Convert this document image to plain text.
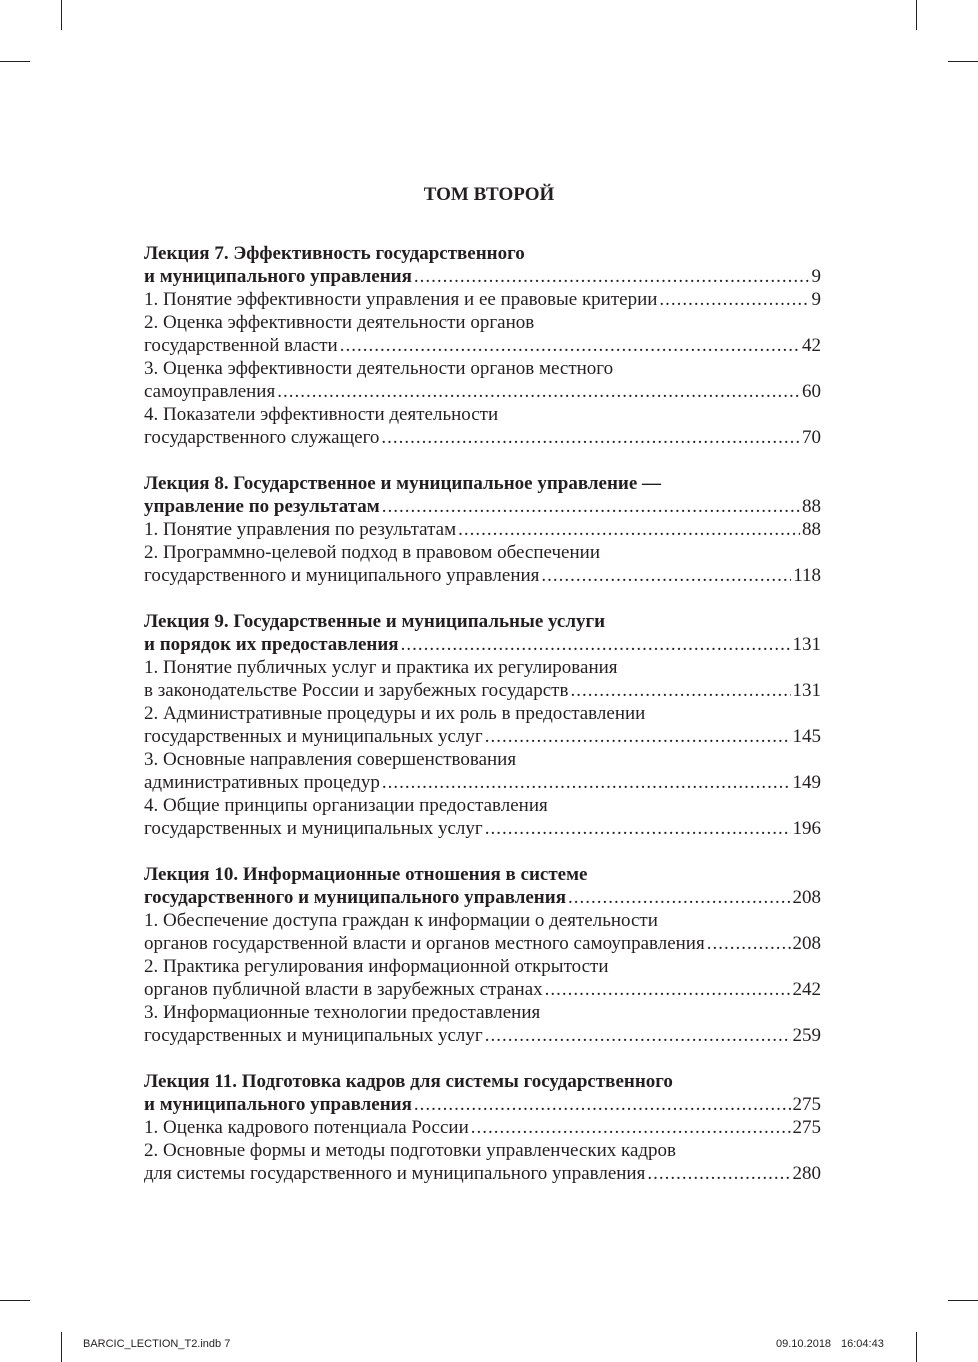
ТОМ ВТОРОЙ
Лекция 7. Эффективность государственного
и муниципального управления .....	9
1. Понятие эффективности управления и ее правовые критерии .....	9
2. Оценка эффективности деятельности органов
государственной власти .....	42
3. Оценка эффективности деятельности органов местного
самоуправления .....	60
4. Показатели эффективности деятельности
государственного служащего .....	70
Лекция 8. Государственное и муниципальное управление —
управление по результатам .....	88
1. Понятие управления по результатам .....	88
2. Программно-целевой подход в правовом обеспечении
государственного и муниципального управления .....	118
Лекция 9. Государственные и муниципальные услуги
и порядок их предоставления .....	131
1. Понятие публичных услуг и практика их регулирования
в законодательстве России и зарубежных государств .....	131
2. Административные процедуры и их роль в предоставлении
государственных и муниципальных услуг .....	145
3. Основные направления совершенствования
административных процедур .....	149
4. Общие принципы организации предоставления
государственных и муниципальных услуг .....	196
Лекция 10. Информационные отношения в системе
государственного и муниципального управления .....	208
1. Обеспечение доступа граждан к информации о деятельности
органов государственной власти и органов местного самоуправления .....	208
2. Практика регулирования информационной открытости
органов публичной власти в зарубежных странах .....	242
3. Информационные технологии предоставления
государственных и муниципальных услуг .....	259
Лекция 11. Подготовка кадров для системы государственного
и муниципального управления .....	275
1. Оценка кадрового потенциала России .....	275
2. Основные формы и методы подготовки управленческих кадров
для системы государственного и муниципального управления .....	280
BARCIC_LECTION_T2.indb 7	09.10.2018 16:04:43
